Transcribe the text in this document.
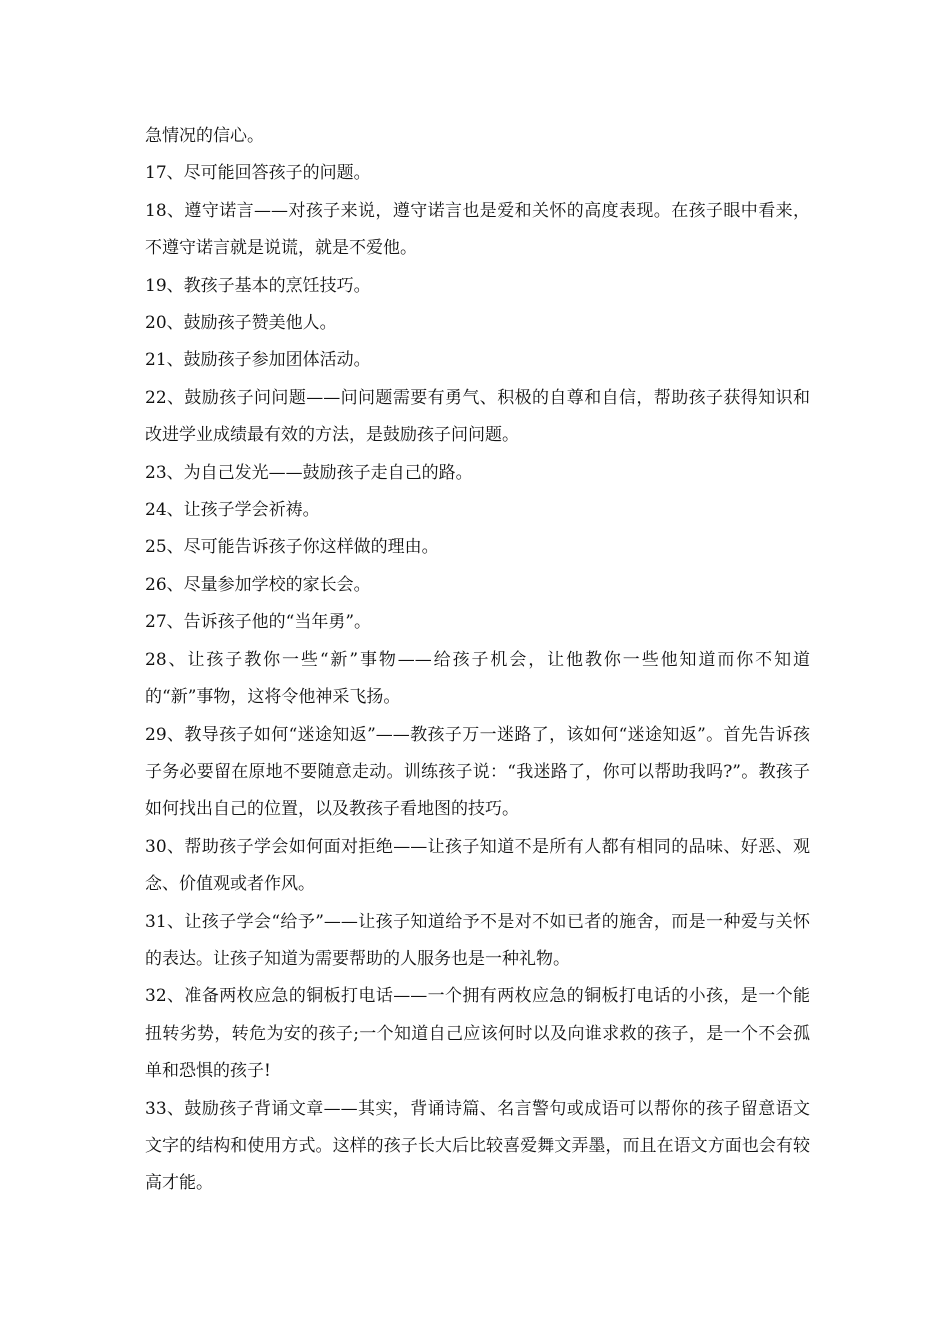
急情况的信心。

17、尽可能回答孩子的问题。

18、遵守诺言——对孩子来说，遵守诺言也是爱和关怀的高度表现。在孩子眼中看来，不遵守诺言就是说谎，就是不爱他。

19、教孩子基本的烹饪技巧。

20、鼓励孩子赞美他人。

21、鼓励孩子参加团体活动。

22、鼓励孩子问问题——问问题需要有勇气、积极的自尊和自信，帮助孩子获得知识和改进学业成绩最有效的方法，是鼓励孩子问问题。

23、为自己发光——鼓励孩子走自己的路。

24、让孩子学会祈祷。

25、尽可能告诉孩子你这样做的理由。

26、尽量参加学校的家长会。

27、告诉孩子他的“当年勇”。

28、让孩子教你一些“新”事物——给孩子机会，让他教你一些他知道而你不知道的“新”事物，这将令他神采飞扬。

29、教导孩子如何“迷途知返”——教孩子万一迷路了，该如何“迷途知返”。首先告诉孩子务必要留在原地不要随意走动。训练孩子说：“我迷路了，你可以帮助我吗?”。教孩子如何找出自己的位置，以及教孩子看地图的技巧。

30、帮助孩子学会如何面对拒绝——让孩子知道不是所有人都有相同的品味、好恶、观念、价值观或者作风。

31、让孩子学会“给予”——让孩子知道给予不是对不如已者的施舍，而是一种爱与关怀的表达。让孩子知道为需要帮助的人服务也是一种礼物。

32、准备两枚应急的铜板打电话——一个拥有两枚应急的铜板打电话的小孩，是一个能扭转劣势，转危为安的孩子;一个知道自己应该何时以及向谁求救的孩子，是一个不会孤单和恐惧的孩子!

33、鼓励孩子背诵文章——其实，背诵诗篇、名言警句或成语可以帮你的孩子留意语文文字的结构和使用方式。这样的孩子长大后比较喜爱舞文弄墨，而且在语文方面也会有较高才能。
